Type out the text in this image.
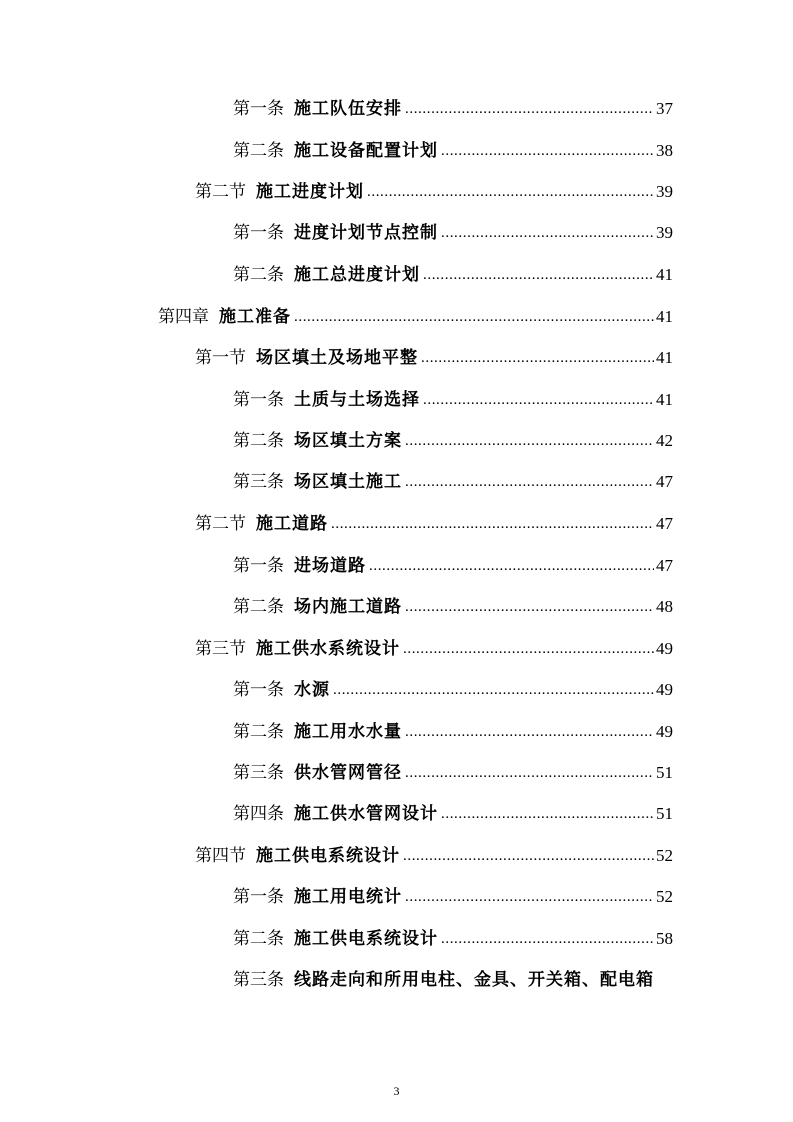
第一条 施工队伍安排 .....	37
第二条 施工设备配置计划 .....	38
第二节 施工进度计划 .....	39
第一条 进度计划节点控制 .....	39
第二条 施工总进度计划 .....	41
第四章 施工准备 .....	41
第一节 场区填土及场地平整 .....	41
第一条 土质与土场选择 .....	41
第二条 场区填土方案 .....	42
第三条 场区填土施工 .....	47
第二节 施工道路 .....	47
第一条 进场道路 .....	47
第二条 场内施工道路 .....	48
第三节 施工供水系统设计 .....	49
第一条 水源 .....	49
第二条 施工用水水量 .....	49
第三条 供水管网管径 .....	51
第四条 施工供水管网设计 .....	51
第四节 施工供电系统设计 .....	52
第一条 施工用电统计 .....	52
第二条 施工供电系统设计 .....	58
第三条 线路走向和所用电柱、金具、开关箱、配电箱
3
